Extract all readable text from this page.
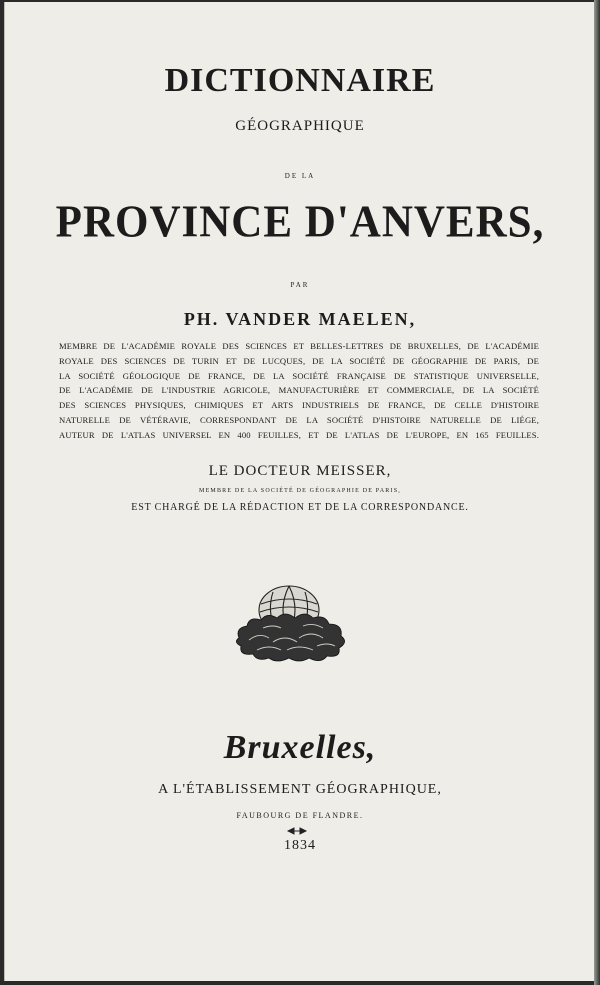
DICTIONNAIRE
GÉOGRAPHIQUE
DE LA
PROVINCE D'ANVERS,
PAR
PH. VANDER MAELEN,
MEMBRE DE L'ACADÉMIE ROYALE DES SCIENCES ET BELLES-LETTRES DE BRUXELLES, DE L'ACADÉMIE
ROYALE DES SCIENCES DE TURIN ET DE LUCQUES, DE LA SOCIÉTÉ DE GÉOGRAPHIE DE PARIS, DE
LA SOCIÉTÉ GÉOLOGIQUE DE FRANCE, DE LA SOCIÉTÉ FRANÇAISE DE STATISTIQUE UNIVERSELLE,
DE L'ACADÉMIE DE L'INDUSTRIE AGRICOLE, MANUFACTURIÈRE ET COMMERCIALE, DE LA SOCIÉTÉ
DES SCIENCES PHYSIQUES, CHIMIQUES ET ARTS INDUSTRIELS DE FRANCE, DE CELLE D'HISTOIRE
NATURELLE DE VÉTÉRAVIE, CORRESPONDANT DE LA SOCIÉTÉ D'HISTOIRE NATURELLE DE LIÉGE,
AUTEUR DE L'ATLAS UNIVERSEL EN 400 FEUILLES, ET DE L'ATLAS DE L'EUROPE, EN 165 FEUILLES.
LE DOCTEUR MEISSER,
MEMBRE DE LA SOCIÉTÉ DE GÉOGRAPHIE DE PARIS,
EST CHARGÉ DE LA RÉDACTION ET DE LA CORRESPONDANCE.
Bruxelles,
A L'ÉTABLISSEMENT GÉOGRAPHIQUE,
FAUBOURG DE FLANDRE.
1834
